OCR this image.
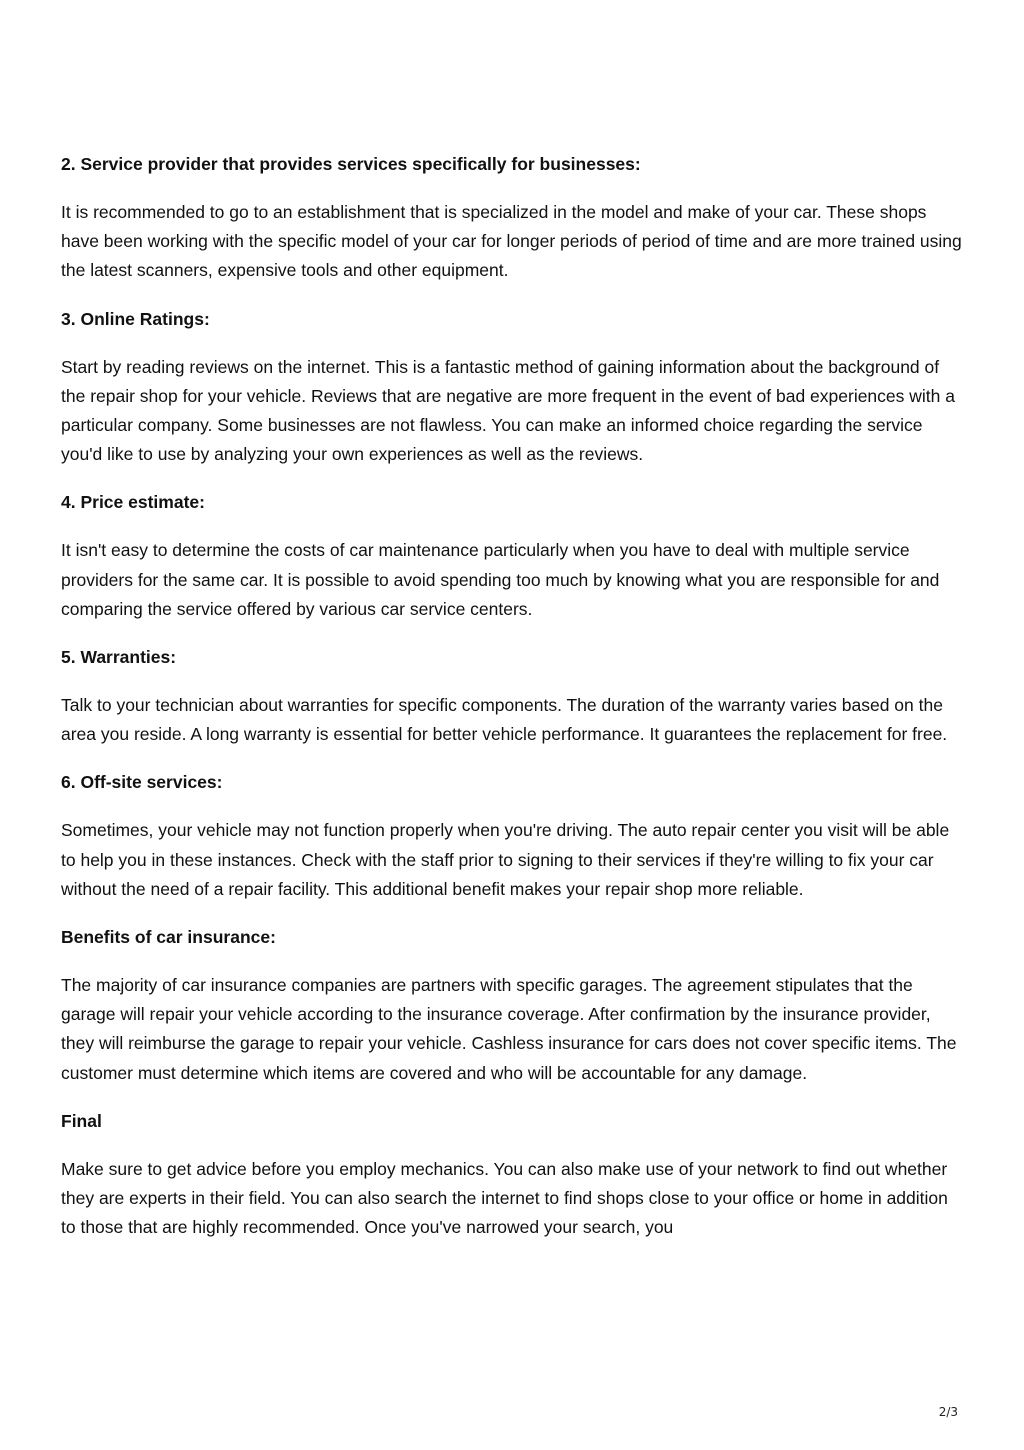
2. Service provider that provides services specifically for businesses:

It is recommended to go to an establishment that is specialized in the model and make of your car. These shops have been working with the specific model of your car for longer periods of period of time and are more trained using the latest scanners, expensive tools and other equipment.

3. Online Ratings:

Start by reading reviews on the internet. This is a fantastic method of gaining information about the background of the repair shop for your vehicle. Reviews that are negative are more frequent in the event of bad experiences with a particular company. Some businesses are not flawless. You can make an informed choice regarding the service you'd like to use by analyzing your own experiences as well as the reviews.

4. Price estimate:

It isn't easy to determine the costs of car maintenance particularly when you have to deal with multiple service providers for the same car. It is possible to avoid spending too much by knowing what you are responsible for and comparing the service offered by various car service centers.

5. Warranties:

Talk to your technician about warranties for specific components. The duration of the warranty varies based on the area you reside. A long warranty is essential for better vehicle performance. It guarantees the replacement for free.

6. Off-site services:

Sometimes, your vehicle may not function properly when you're driving. The auto repair center you visit will be able to help you in these instances. Check with the staff prior to signing to their services if they're willing to fix your car without the need of a repair facility. This additional benefit makes your repair shop more reliable.

Benefits of car insurance:

The majority of car insurance companies are partners with specific garages. The agreement stipulates that the garage will repair your vehicle according to the insurance coverage. After confirmation by the insurance provider, they will reimburse the garage to repair your vehicle. Cashless insurance for cars does not cover specific items. The customer must determine which items are covered and who will be accountable for any damage.

Final

Make sure to get advice before you employ mechanics. You can also make use of your network to find out whether they are experts in their field. You can also search the internet to find shops close to your office or home in addition to those that are highly recommended. Once you've narrowed your search, you

2/3
